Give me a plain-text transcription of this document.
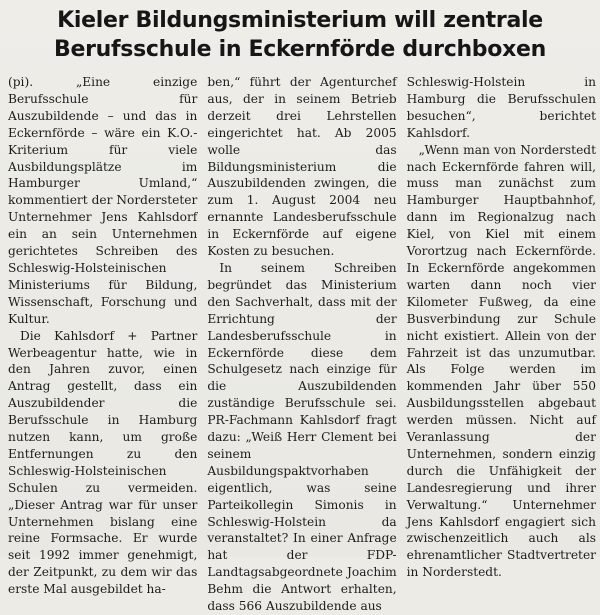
Kieler Bildungsministerium will zentrale
Berufsschule in Eckernförde durchboxen

(pi). „Eine einzige Berufsschule für Auszubildende – und das in Eckernförde – wäre ein K.O.-Kriterium für viele Ausbildungsplätze im Hamburger Umland,“ kommentiert der Nordersteter Unternehmer Jens Kahlsdorf ein an sein Unternehmen gerichtetes Schreiben des Schleswig-Holsteinischen Ministeriums für Bildung, Wissenschaft, Forschung und Kultur.

Die Kahlsdorf + Partner Werbeagentur hatte, wie in den Jahren zuvor, einen Antrag gestellt, dass ein Auszubildender die Berufsschule in Hamburg nutzen kann, um große Entfernungen zu den Schleswig-Holsteinischen Schulen zu vermeiden. „Dieser Antrag war für unser Unternehmen bislang eine reine Formsache. Er wurde seit 1992 immer genehmigt, der Zeitpunkt, zu dem wir das erste Mal ausgebildet ha-

ben,“ führt der Agenturchef aus, der in seinem Betrieb derzeit drei Lehrstellen eingerichtet hat. Ab 2005 wolle das Bildungsministerium die Auszubildenden zwingen, die zum 1. August 2004 neu ernannte Landesberufsschule in Eckernförde auf eigene Kosten zu besuchen.

In seinem Schreiben begründet das Ministerium den Sachverhalt, dass mit der Errichtung der Landesberufsschule in Eckernförde diese dem Schulgesetz nach einzige für die Auszubildenden zuständige Berufsschule sei. PR-Fachmann Kahlsdorf fragt dazu: „Weiß Herr Clement bei seinem Ausbildungspaktvorhaben eigentlich, was seine Parteikollegin Simonis in Schleswig-Holstein da veranstaltet? In einer Anfrage hat der FDP-Landtagsabgeordnete Joachim Behm die Antwort erhalten, dass 566 Auszubildende aus

Schleswig-Holstein in Hamburg die Berufsschulen besuchen“, berichtet Kahlsdorf.

„Wenn man von Norderstedt nach Eckernförde fahren will, muss man zunächst zum Hamburger Hauptbahnhof, dann im Regionalzug nach Kiel, von Kiel mit einem Vorortzug nach Eckernförde. In Eckernförde angekommen warten dann noch vier Kilometer Fußweg, da eine Busverbindung zur Schule nicht existiert. Allein von der Fahrzeit ist das unzumutbar. Als Folge werden im kommenden Jahr über 550 Ausbildungsstellen abgebaut werden müssen. Nicht auf Veranlassung der Unternehmen, sondern einzig durch die Unfähigkeit der Landesregierung und ihrer Verwaltung.“ Unternehmer Jens Kahlsdorf engagiert sich zwischenzeitlich auch als ehrenamtlicher Stadtvertreter in Norderstedt.
